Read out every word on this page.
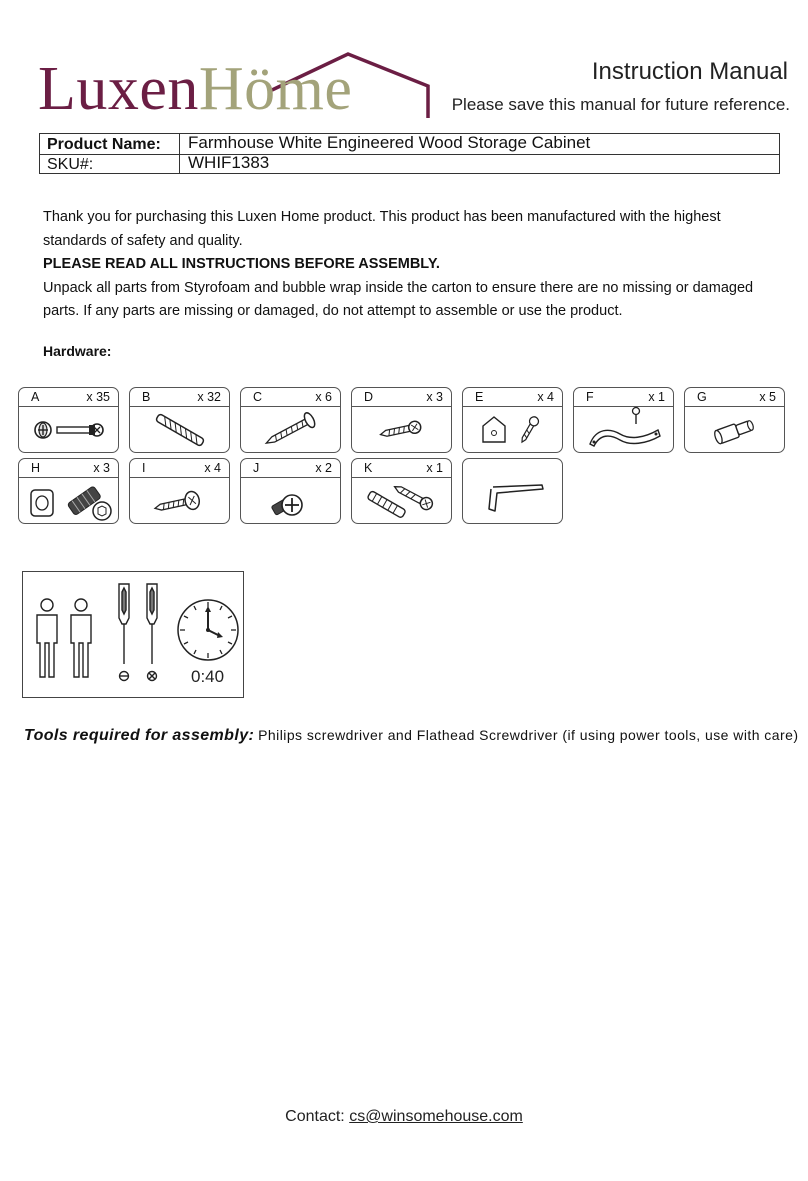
LuxenHöme	Instruction Manual
Please save this manual for future reference.
Product Name:	Farmhouse White Engineered Wood Storage Cabinet
SKU#:	WHIF1383

Thank you for purchasing this Luxen Home product. This product has been manufactured with the highest standards of safety and quality.

PLEASE READ ALL INSTRUCTIONS BEFORE ASSEMBLY.

Unpack all parts from Styrofoam and bubble wrap inside the carton to ensure there are no missing or damaged parts. If any parts are missing or damaged, do not attempt to assemble or use the product.

Hardware:
A	x 35	B	x 32	C	x 6	D	x 3	E	x 4	F	x 1	G	x 5
H	x 3	I	x 4	J	x 2	K	x 1
0:40
Tools required for assembly: Philips screwdriver and Flathead Screwdriver (if using power tools, use with care)
Contact: cs@winsomehouse.com
